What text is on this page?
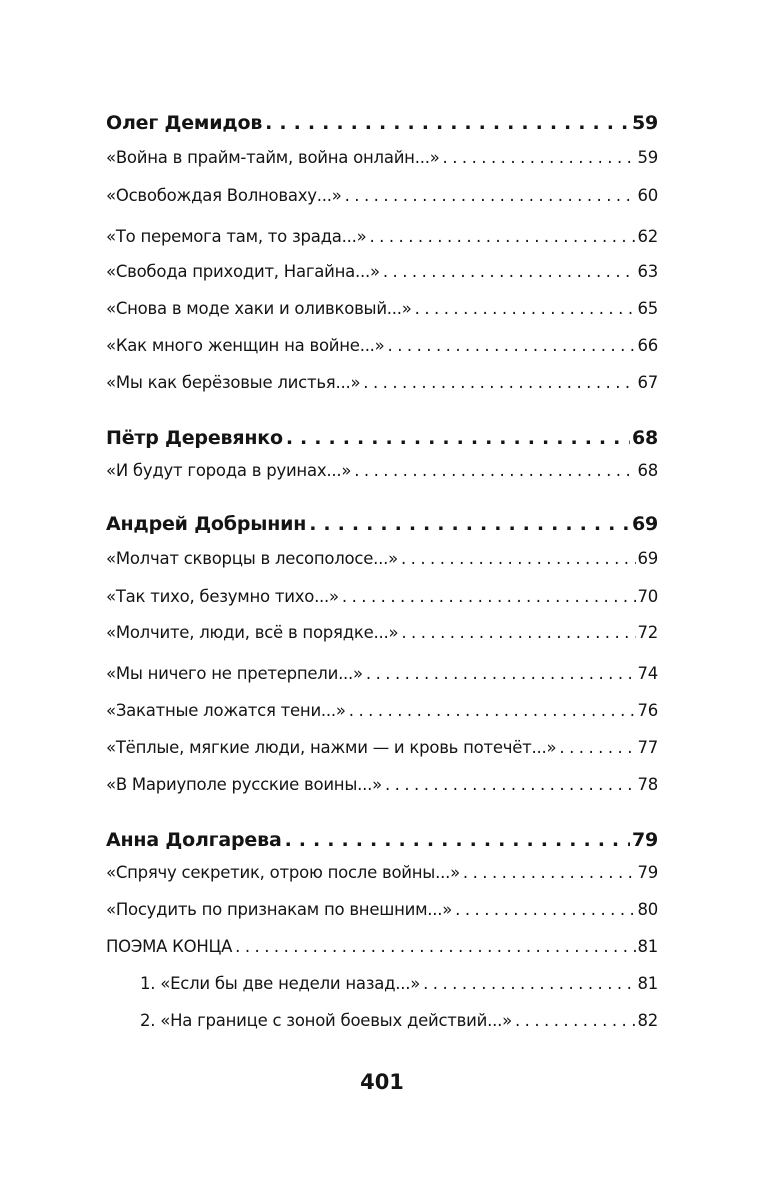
Олег Демидов . . .	59
«Война в прайм-тайм, война онлайн...» . . .	59
«Освобождая Волноваху...» . . .	60
«То перемога там, то зрада...» . . .	62
«Свобода приходит, Нагайна...» . . .	63
«Снова в моде хаки и оливковый...» . . .	65
«Как много женщин на войне...» . . .	66
«Мы как берёзовые листья...» . . .	67
Пётр Деревянко . . .	68
«И будут города в руинах...» . . .	68
Андрей Добрынин . . .	69
«Молчат скворцы в лесополосе...» . . .	69
«Так тихо, безумно тихо...» . . .	70
«Молчите, люди, всё в порядке...» . . .	72
«Мы ничего не претерпели...» . . .	74
«Закатные ложатся тени...» . . .	76
«Тёплые, мягкие люди, нажми — и кровь потечёт...» . . .	77
«В Мариуполе русские воины...» . . .	78
Анна Долгарева . . .	79
«Спрячу секретик, отрою после войны...» . . .	79
«Посудить по признакам по внешним...» . . .	80
ПОЭМА КОНЦА . . .	81
1. «Если бы две недели назад...» . . .	81
2. «На границе с зоной боевых действий...» . . .	82
401
